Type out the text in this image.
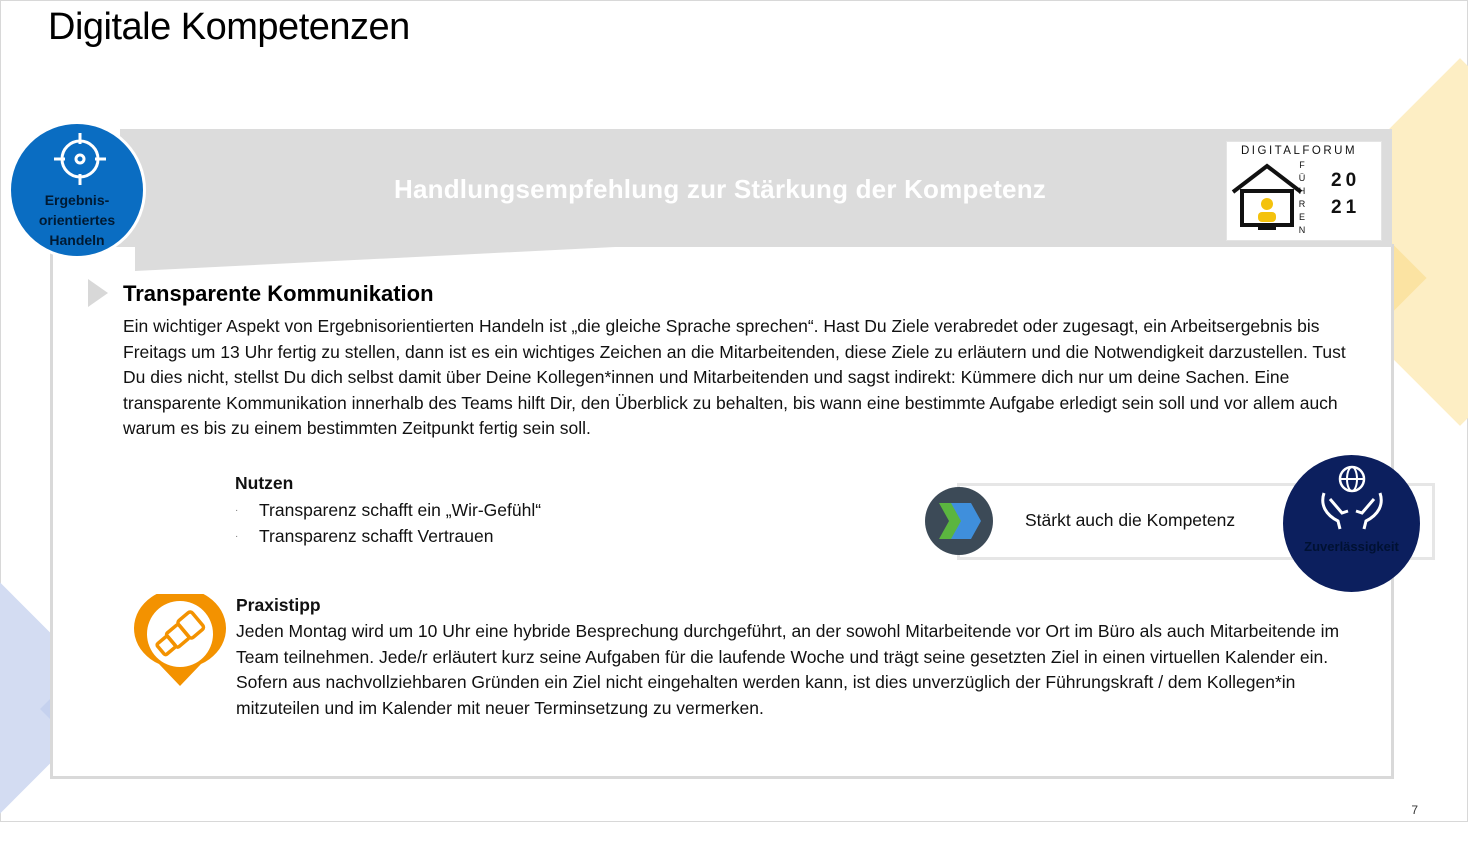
Digitale Kompetenzen
Handlungsempfehlung zur Stärkung der Kompetenz
Ergebnis-
orientiertes
Handeln
DIGITALFORUM
F
Ü
H
R
E
N
20
21
Transparente Kommunikation
Ein wichtiger Aspekt von Ergebnisorientierten Handeln ist „die gleiche Sprache sprechen“. Hast Du Ziele verabredet oder zugesagt, ein Arbeitsergebnis bis Freitags um 13 Uhr fertig zu stellen, dann ist es ein wichtiges Zeichen an die Mitarbeitenden, diese Ziele zu erläutern und die Notwendigkeit darzustellen. Tust Du dies nicht, stellst Du dich selbst damit über Deine Kollegen*innen und Mitarbeitenden und sagst indirekt: Kümmere dich nur um deine Sachen. Eine transparente Kommunikation innerhalb des Teams hilft Dir, den Überblick zu behalten, bis wann eine bestimmte Aufgabe erledigt sein soll und vor allem auch warum es bis zu einem bestimmten Zeitpunkt fertig sein soll.
Nutzen
· Transparenz schafft ein „Wir-Gefühl“
· Transparenz schafft Vertrauen
Stärkt auch die Kompetenz
Zuverlässigkeit
Praxistipp
Jeden Montag wird um 10 Uhr eine hybride Besprechung durchgeführt, an der sowohl Mitarbeitende vor Ort im Büro als auch Mitarbeitende im Team teilnehmen. Jede/r erläutert kurz seine Aufgaben für die laufende Woche und trägt seine gesetzten Ziel in einen virtuellen Kalender ein. Sofern aus nachvollziehbaren Gründen ein Ziel nicht eingehalten werden kann, ist dies unverzüglich der Führungskraft / dem Kollegen*in mitzuteilen und im Kalender mit neuer Terminsetzung zu vermerken.
7
